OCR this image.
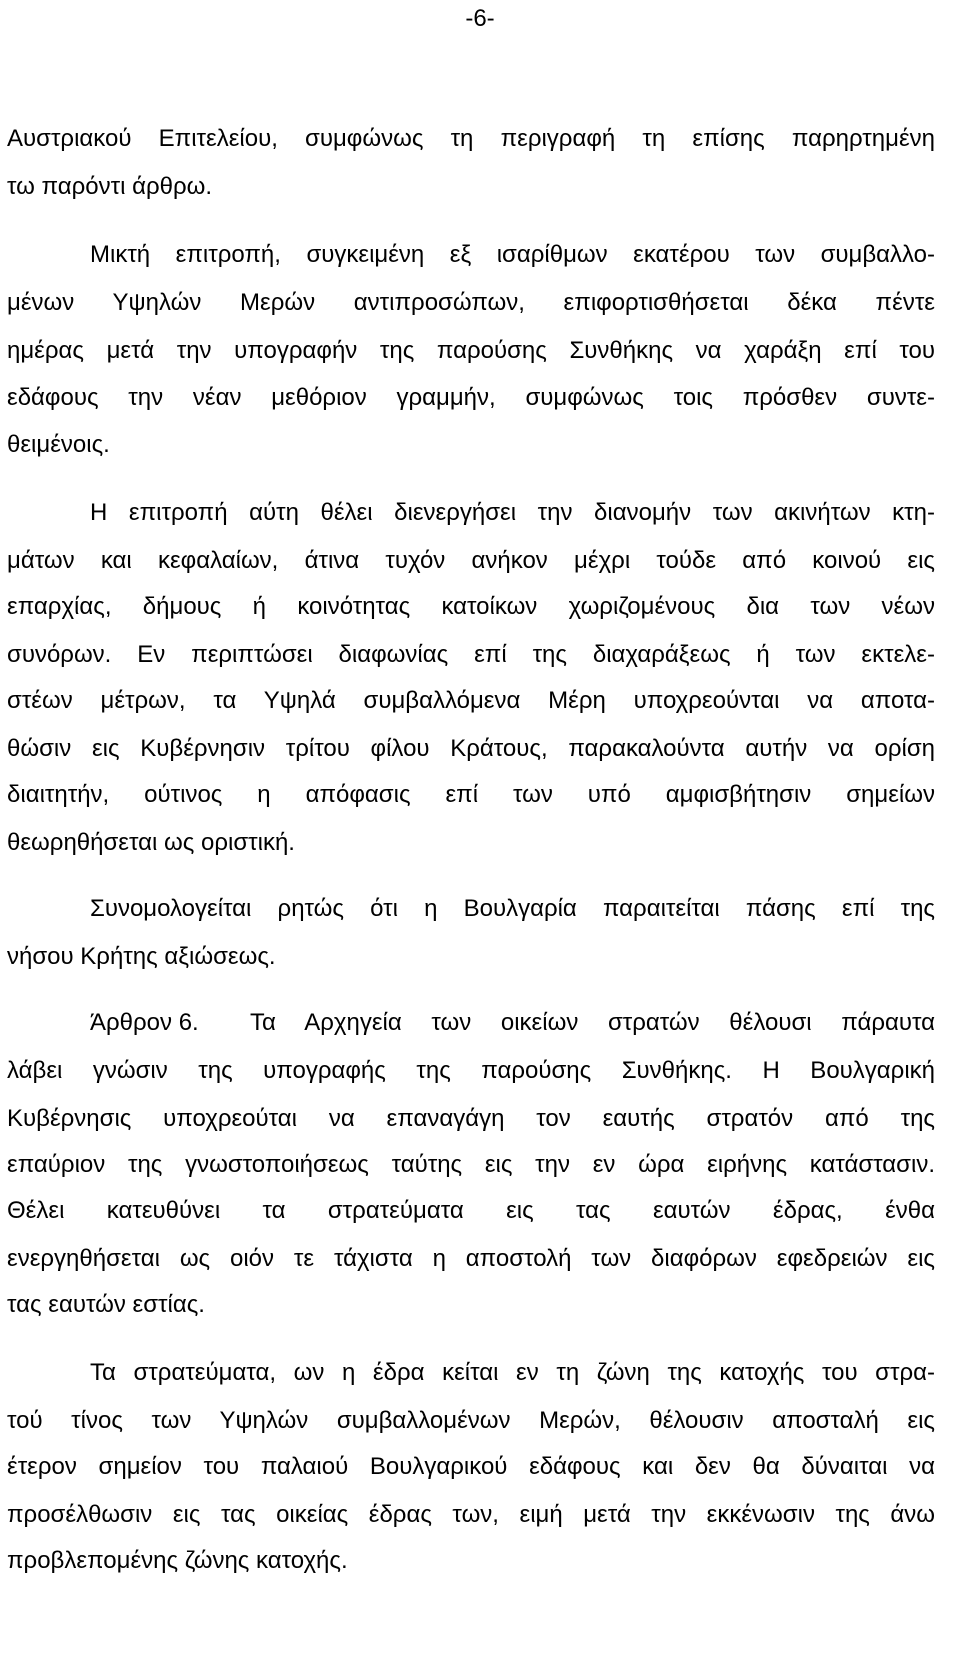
-6-
Αυστριακού Επιτελείου, συμφώνως τη περιγραφή τη επίσης παρηρτημένη
τω παρόντι άρθρω.
Μικτή επιτροπή, συγκειμένη εξ ισαρίθμων εκατέρου των συμβαλλο-
μένων Υψηλών Μερών αντιπροσώπων, επιφορτισθήσεται δέκα πέντε
ημέρας μετά την υπογραφήν της παρούσης Συνθήκης να χαράξη επί του
εδάφους την νέαν μεθόριον γραμμήν, συμφώνως τοις πρόσθεν συντε-
θειμένοις.
Η επιτροπή αύτη θέλει διενεργήσει την διανομήν των ακινήτων κτη-
μάτων και κεφαλαίων, άτινα τυχόν ανήκον μέχρι τούδε από κοινού εις
επαρχίας, δήμους ή κοινότητας κατοίκων χωριζομένους δια των νέων
συνόρων. Εν περιπτώσει διαφωνίας επί της διαχαράξεως ή των εκτελε-
στέων μέτρων, τα Υψηλά συμβαλλόμενα Μέρη υποχρεούνται να αποτα-
θώσιν εις Κυβέρνησιν τρίτου φίλου Κράτους, παρακαλούντα αυτήν να ορίση
διαιτητήν, ούτινος η απόφασις επί των υπό αμφισβήτησιν σημείων
θεωρηθήσεται ως οριστική.
Συνομολογείται ρητώς ότι η Βουλγαρία παραιτείται πάσης επί της
νήσου Κρήτης αξιώσεως.
Άρθρον 6.	Τα Αρχηγεία των οικείων στρατών θέλουσι πάραυτα
λάβει γνώσιν της υπογραφής της παρούσης Συνθήκης. Η Βουλγαρική
Κυβέρνησις υποχρεούται να επαναγάγη τον εαυτής στρατόν από της
επαύριον της γνωστοποιήσεως ταύτης εις την εν ώρα ειρήνης κατάστασιν.
Θέλει κατευθύνει τα στρατεύματα εις τας εαυτών έδρας, ένθα
ενεργηθήσεται ως οιόν τε τάχιστα η αποστολή των διαφόρων εφεδρειών εις
τας εαυτών εστίας.
Τα στρατεύματα, ων η έδρα κείται εν τη ζώνη της κατοχής του στρα-
τού τίνος των Υψηλών συμβαλλομένων Μερών, θέλουσιν αποσταλή εις
έτερον σημείον του παλαιού Βουλγαρικού εδάφους και δεν θα δύναιται να
προσέλθωσιν εις τας οικείας έδρας των, ειμή μετά την εκκένωσιν της άνω
προβλεπομένης ζώνης κατοχής.
